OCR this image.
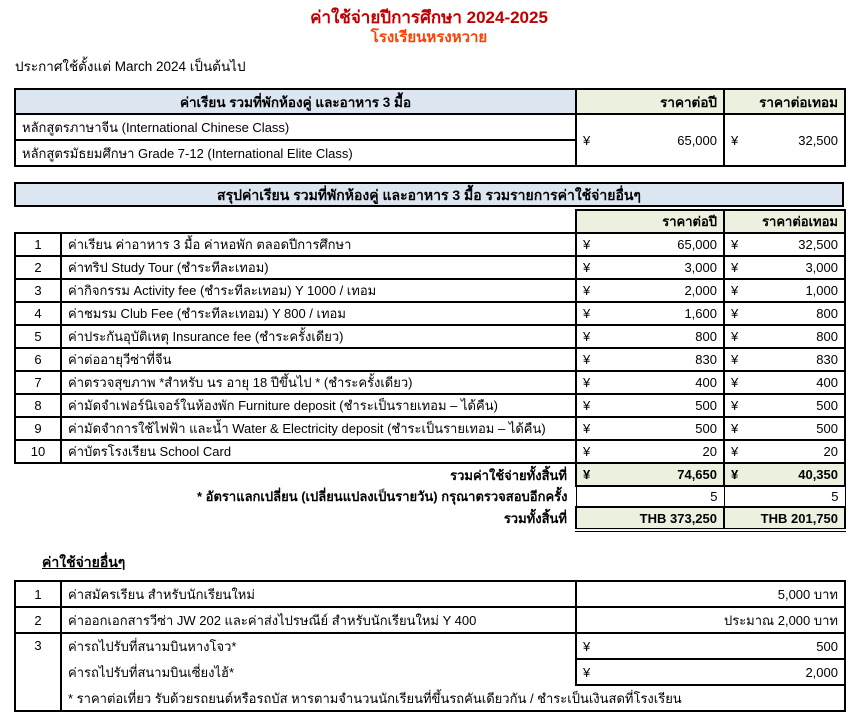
ค่าใช้จ่ายปีการศึกษา 2024-2025
โรงเรียนหรงหวาย
ประกาศใช้ตั้งแต่ March 2024 เป็นต้นไป
ค่าเรียน รวมที่พักห้องคู่ และอาหาร 3 มื้อ	ราคาต่อปี	ราคาต่อเทอม
หลักสูตรภาษาจีน (International Chinese Class)	¥ 65,000	¥ 32,500

หลักสูตรมัธยมศึกษา Grade 7-12 (International Elite Class)		
สรุปค่าเรียน รวมที่พักห้องคู่ และอาหาร 3 มื้อ รวมรายการค่าใช้จ่ายอื่นๆ
		ราคาต่อปี	ราคาต่อเทอม
1	ค่าเรียน ค่าอาหาร 3 มื้อ ค่าหอพัก ตลอดปีการศึกษา	¥ 65,000	¥ 32,500

2	ค่าทริป Study Tour (ชำระทีละเทอม)	¥ 3,000	¥ 3,000

3	ค่ากิจกรรม Activity fee (ชำระทีละเทอม) Y 1000 / เทอม	¥ 2,000	¥ 1,000

4	ค่าชมรม Club Fee (ชำระทีละเทอม) Y 800 / เทอม	¥ 1,600	¥ 800

5	ค่าประกันอุบัติเหตุ Insurance fee (ชำระครั้งเดียว)	¥ 800	¥ 800

6	ค่าต่ออายุวีซ่าที่จีน	¥ 830	¥ 830

7	ค่าตรวจสุขภาพ *สำหรับ นร อายุ 18 ปีขึ้นไป * (ชำระครั้งเดียว)	¥ 400	¥ 400

8	ค่ามัดจำเฟอร์นิเจอร์ในห้องพัก Furniture deposit (ชำระเป็นรายเทอม – ได้คืน)	¥ 500	¥ 500

9	ค่ามัดจำการใช้ไฟฟ้า และน้ำ Water & Electricity deposit (ชำระเป็นรายเทอม – ได้คืน)	¥ 500	¥ 500

10	ค่าบัตรโรงเรียน School Card	¥ 20	¥ 20

รวมค่าใช้จ่ายทั้งสิ้นที่		¥ 74,650	¥ 40,350

* อัตราแลกเปลี่ยน (เปลี่ยนแปลงเป็นรายวัน) กรุณาตรวจสอบอีกครั้ง		5	5
รวมทั้งสิ้นที่		THB 373,250	THB 201,750
ค่าใช้จ่ายอื่นๆ
1	ค่าสมัครเรียน สำหรับนักเรียนใหม่	5,000 บาท
2	ค่าออกเอกสารวีซ่า JW 202 และค่าส่งไปรษณีย์ สำหรับนักเรียนใหม่ Y 400	ประมาณ 2,000 บาท
3	ค่ารถไปรับที่สนามบินหางโจว*	¥ 500

	ค่ารถไปรับที่สนามบินเซี่ยงไฮ้*	¥ 2,000

	* ราคาต่อเที่ยว รับด้วยรถยนต์หรือรถบัส หารตามจำนวนนักเรียนที่ขึ้นรถคันเดียวกัน / ชำระเป็นเงินสดที่โรงเรียน	
